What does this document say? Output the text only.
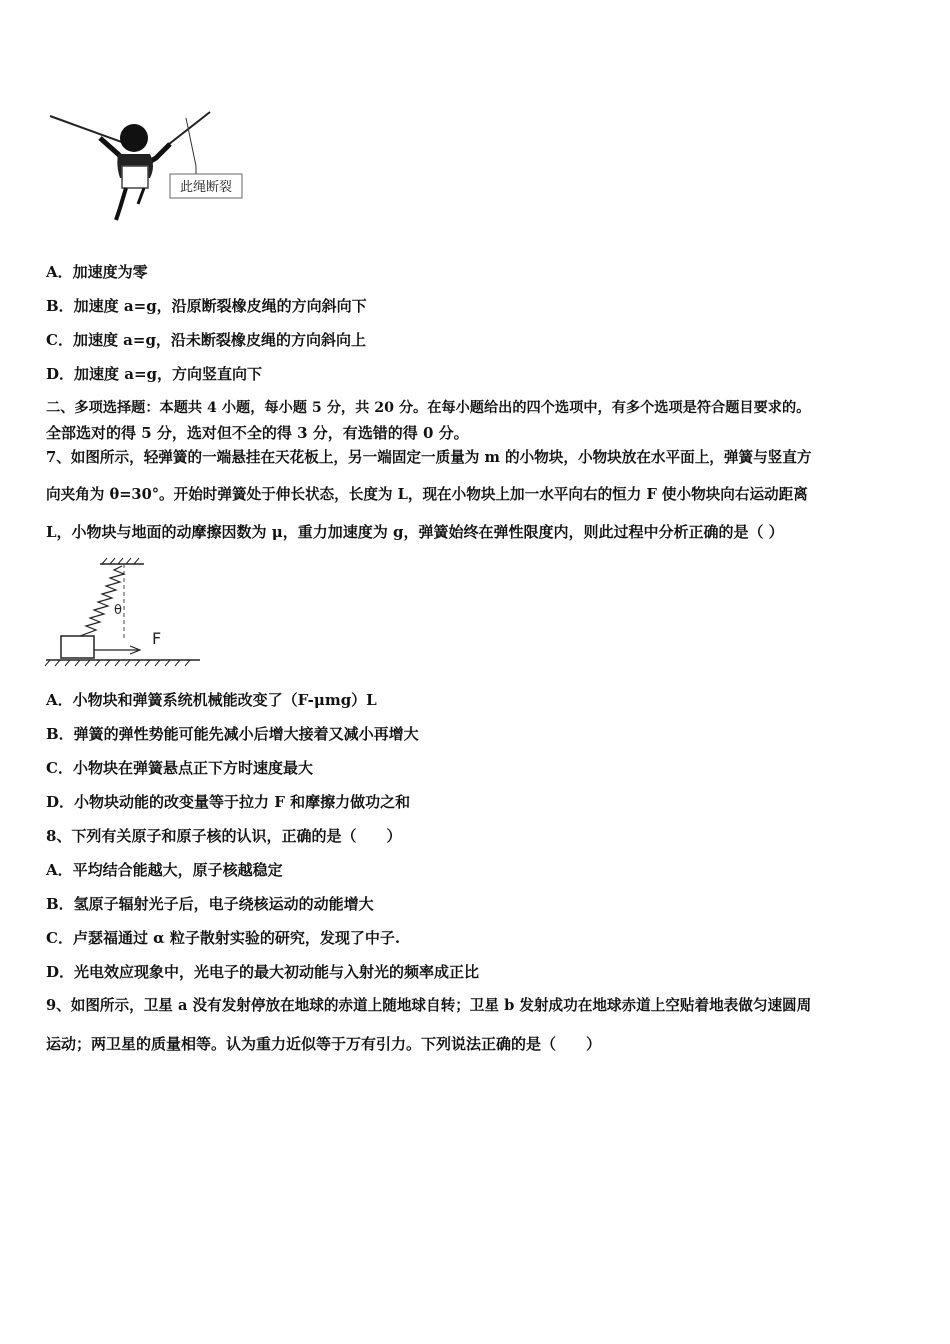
此绳断裂
A．加速度为零
B．加速度 a=g，沿原断裂橡皮绳的方向斜向下
C．加速度 a=g，沿未断裂橡皮绳的方向斜向上
D．加速度 a=g，方向竖直向下
二、多项选择题：本题共 4 小题，每小题 5 分，共 20 分。在每小题给出的四个选项中，有多个选项是符合题目要求的。
全部选对的得 5 分，选对但不全的得 3 分，有选错的得 0 分。
7、如图所示，轻弹簧的一端悬挂在天花板上，另一端固定一质量为 m 的小物块，小物块放在水平面上，弹簧与竖直方
向夹角为 θ=30°。开始时弹簧处于伸长状态，长度为 L，现在小物块上加一水平向右的恒力 F 使小物块向右运动距离
L，小物块与地面的动摩擦因数为 μ，重力加速度为 g，弹簧始终在弹性限度内，则此过程中分析正确的是（ ）
θ
F
A．小物块和弹簧系统机械能改变了（F-μmg）L
B．弹簧的弹性势能可能先减小后增大接着又减小再增大
C．小物块在弹簧悬点正下方时速度最大
D．小物块动能的改变量等于拉力 F 和摩擦力做功之和
8、下列有关原子和原子核的认识，正确的是（　　）
A．平均结合能越大，原子核越稳定
B．氢原子辐射光子后，电子绕核运动的动能增大
C．卢瑟福通过 α 粒子散射实验的研究，发现了中子.
D．光电效应现象中，光电子的最大初动能与入射光的频率成正比
9、如图所示，卫星 a 没有发射停放在地球的赤道上随地球自转；卫星 b 发射成功在地球赤道上空贴着地表做匀速圆周
运动；两卫星的质量相等。认为重力近似等于万有引力。下列说法正确的是（　　）
